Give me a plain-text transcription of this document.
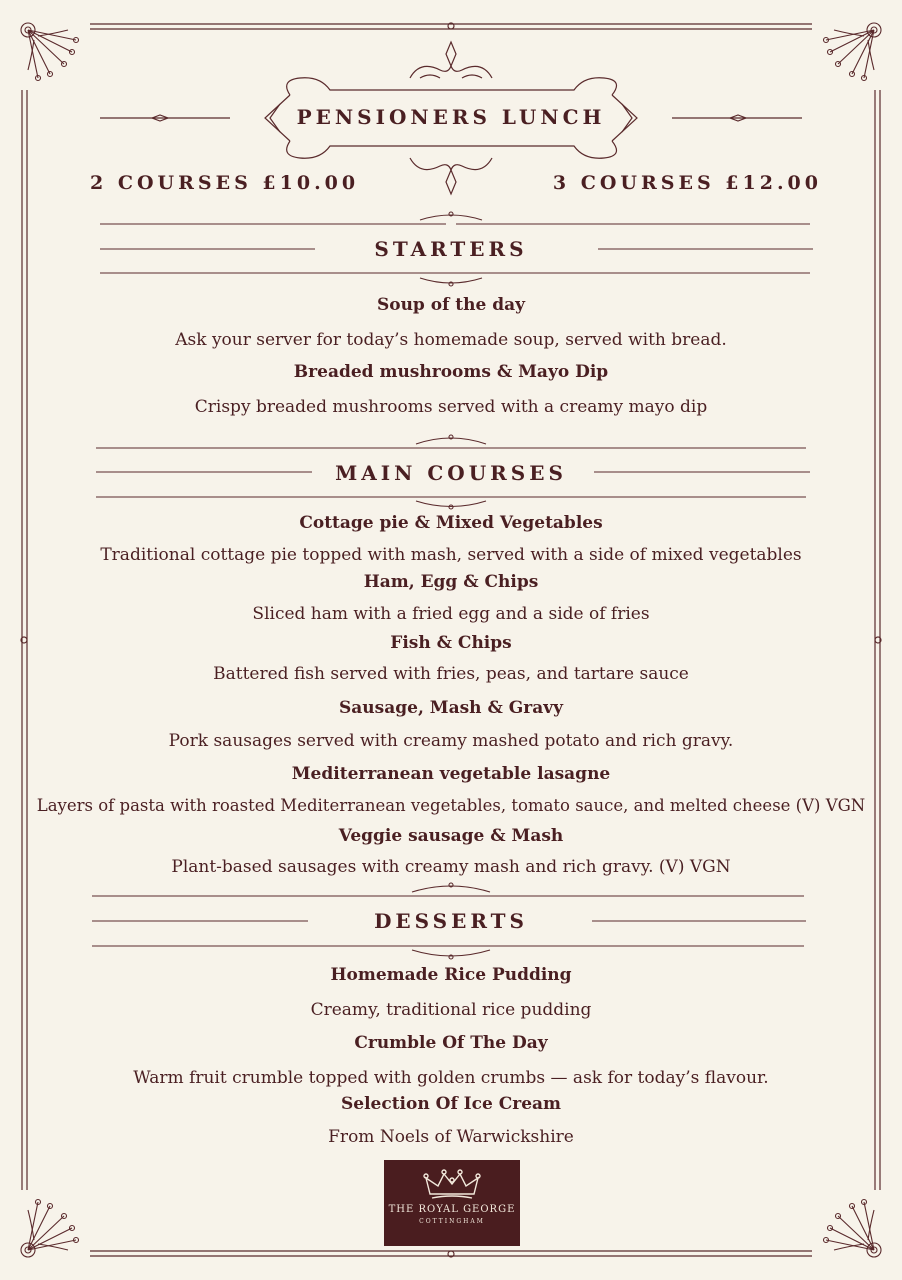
PENSIONERS LUNCH
2 COURSES £10.00	3 COURSES £12.00
STARTERS
Soup of the day
Ask your server for today’s homemade soup, served with bread.
Breaded mushrooms & Mayo Dip
Crispy breaded mushrooms served with a creamy mayo dip
MAIN COURSES
Cottage pie & Mixed Vegetables
Traditional cottage pie topped with mash, served with a side of mixed vegetables
Ham, Egg & Chips
Sliced ham with a fried egg and a side of fries
Fish & Chips
Battered fish served with fries, peas, and tartare sauce
Sausage, Mash & Gravy
Pork sausages served with creamy mashed potato and rich gravy.
Mediterranean vegetable lasagne
Layers of pasta with roasted Mediterranean vegetables, tomato sauce, and melted cheese (V) VGN
Veggie sausage & Mash
Plant-based sausages with creamy mash and rich gravy. (V) VGN
DESSERTS
Homemade Rice Pudding
Creamy, traditional rice pudding
Crumble Of The Day
Warm fruit crumble topped with golden crumbs — ask for today’s flavour.
Selection Of Ice Cream
From Noels of Warwickshire
THE ROYAL GEORGE
COTTINGHAM
